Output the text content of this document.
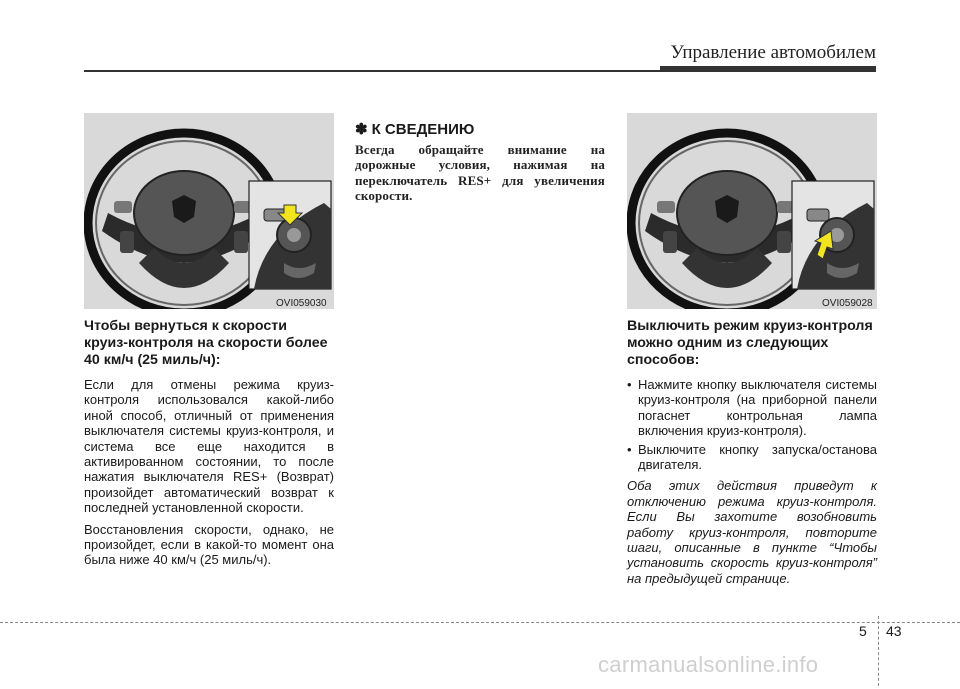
Управление автомобилем
OVI059030

Чтобы вернуться к скорости круиз-контроля на скорости более 40 км/ч (25 миль/ч):

Если для отмены режима круиз-контроля использовался какой-либо иной способ, отличный от применения выключателя системы круиз-контроля, и система все еще находится в активированном состоянии, то после нажатия выключателя RES+ (Возврат) произойдет автоматический возврат к последней установленной скорости.

Восстановления скорости, однако, не произойдет, если в какой-то момент она была ниже 40 км/ч (25 миль/ч).

✽ К СВЕДЕНИЮ

Всегда обращайте внимание на дорожные условия, нажимая на переключатель RES+ для увеличения скорости.

OVI059028

Выключить режим круиз-контроля можно одним из следующих способов:

• Нажмите кнопку выключателя системы круиз-контроля (на приборной панели погаснет контрольная лампа включения круиз-контроля).
• Выключите кнопку запуска/останова двигателя.

Оба этих действия приведут к отключению режима круиз-контроля. Если Вы захотите возобновить работу круиз-контроля, повторите шаги, описанные в пункте “Чтобы установить скорость круиз-контроля” на предыдущей странице.

5 43
carmanualsonline.info
